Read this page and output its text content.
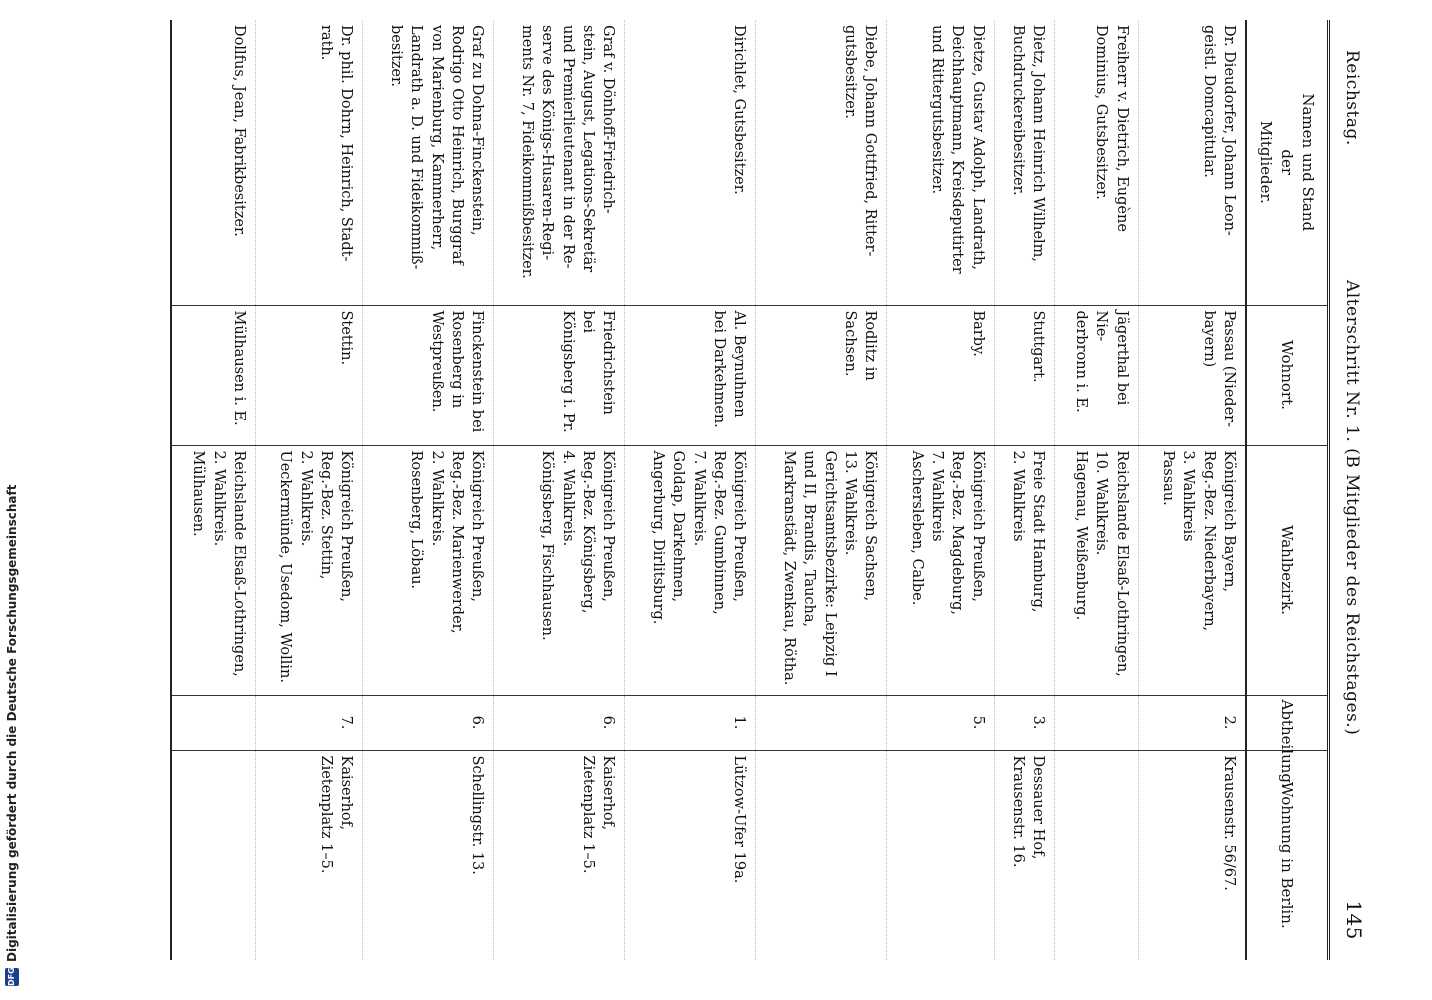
Reichstag.
Alterschritt Nr. 1. (B Mitglieder des Reichstages.)
145
Namen und Stand
der
Mitglieder.	Wohnort.	Wahlbezirk.	Abtheilung.	Wohnung in Berlin.
Dr. Dieudorfer, Johann Leon-
geistl. Domcapitular.	Passau (Nieder-
bayern)	Königreich Bayern,
Reg.-Bez. Niederbayern,
3. Wahlkreis
Passau.	2.	Krausenstr. 56/67.
Freiherr v. Dietrich, Eugène
Dominius, Gutsbesitzer.	Jägerthal bei Nie-
derbronn i. E.	Reichslande Elsaß-Lothringen,
10. Wahlkreis.
Hagenau, Weißenburg.		
Dietz, Johann Heinrich Wilhelm,
Buchdruckereibesitzer.	Stuttgart.	Freie Stadt Hamburg,
2. Wahlkreis	3.	Dessauer Hof,
Krausenstr. 16.
Dietze, Gustav Adolph, Landrath,
Deichhauptmann, Kreisdeputirter
und Rittergutsbesitzer.	Barby.	Königreich Preußen,
Reg.-Bez. Magdeburg,
7. Wahlkreis
Aschersleben, Calbe.	5.	
Diebe, Johann Gottfried, Ritter-
gutsbesitzer.	Rodlitz in
Sachsen.	Königreich Sachsen,
13. Wahlkreis.
Gerichtsamtsbezirke: Leipzig I
und II, Brandis, Taucha,
Markranstädt, Zwenkau, Rötha.		
Dirichlet, Gutsbesitzer.	Al. Beynuhnen
bei Darkehmen.	Königreich Preußen,
Reg.-Bez. Gumbinnen,
7. Wahlkreis.
Goldap, Darkehmen, Angerburg, Dirlitsburg.	1.	Lützow-Ufer 19a.
Graf v. Dönhoff-Friedrich-
stein, August, Legations-Sekretär
und Premierlieutenant in der Re-
serve des Königs-Husaren-Regi-
ments Nr. 7, Fideikommißbesitzer.	Friedrichstein bei
Königsberg i. Pr.	Königreich Preußen,
Reg.-Bez. Königsberg,
4. Wahlkreis.
Königsberg, Fischhausen.	6.	Kaiserhof,
Zietenplatz 1–5.
Graf zu Dohna-Finckenstein,
Rodrigo Otto Heinrich, Burggraf
von Marienburg, Kammerherr,
Landrath a. D. und Fideikommiß-
besitzer.	Finckenstein bei
Rosenberg in
Westpreußen.	Königreich Preußen,
Reg.-Bez. Marienwerder,
2. Wahlkreis.
Rosenberg, Löbau.	6.	Schellingstr. 13.
Dr. phil. Dohrn, Heinrich, Stadt-
rath.	Stettin.	Königreich Preußen,
Reg.-Bez. Stettin,
2. Wahlkreis.
Ueckermünde, Usedom, Wollin.	7.	Kaiserhof,
Zietenplatz 1–5.
Dollfus, Jean, Fabrikbesitzer.	Mülhausen i. E.	Reichslande Elsaß-Lothringen,
2. Wahlkreis.
Mülhausen.		
DFG
Digitalisierung gefördert durch die Deutsche Forschungsgemeinschaft
